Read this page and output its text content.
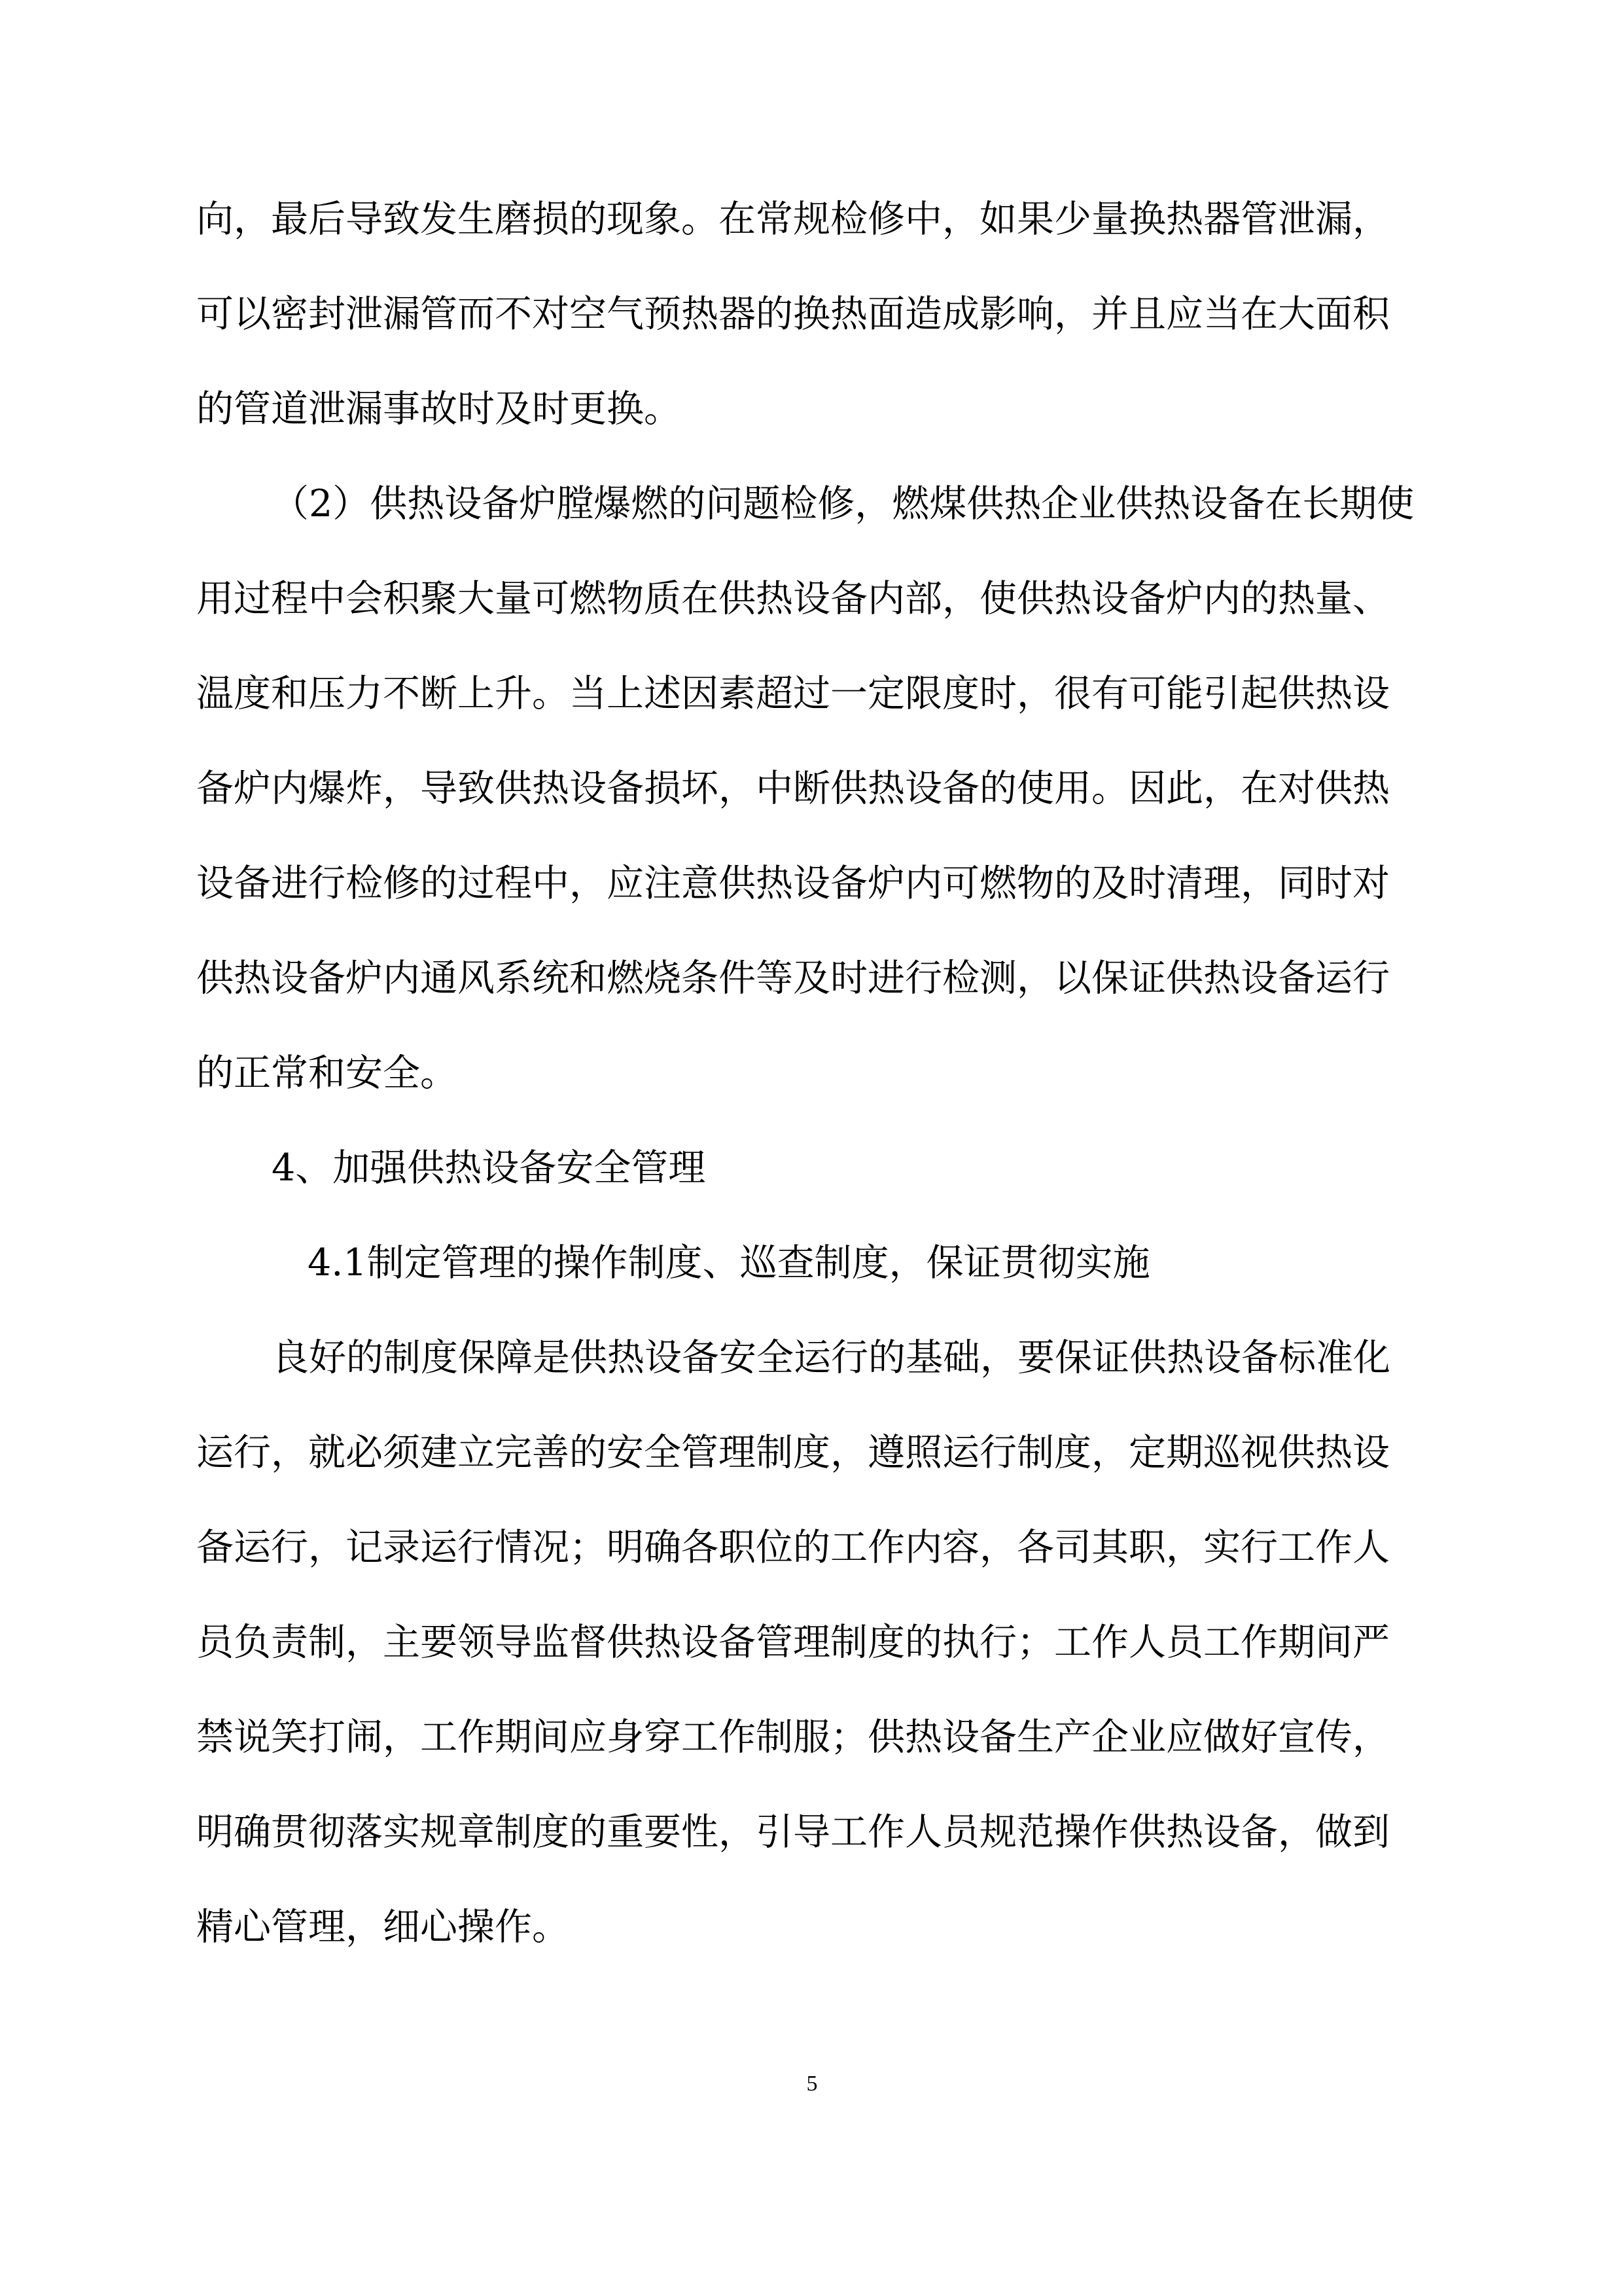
向，最后导致发生磨损的现象。在常规检修中，如果少量换热器管泄漏，
可以密封泄漏管而不对空气预热器的换热面造成影响，并且应当在大面积
的管道泄漏事故时及时更换。
（2）供热设备炉膛爆燃的问题检修，燃煤供热企业供热设备在长期使
用过程中会积聚大量可燃物质在供热设备内部，使供热设备炉内的热量、
温度和压力不断上升。当上述因素超过一定限度时，很有可能引起供热设
备炉内爆炸，导致供热设备损坏，中断供热设备的使用。因此，在对供热
设备进行检修的过程中，应注意供热设备炉内可燃物的及时清理，同时对
供热设备炉内通风系统和燃烧条件等及时进行检测，以保证供热设备运行
的正常和安全。
4、加强供热设备安全管理
4.1制定管理的操作制度、巡查制度，保证贯彻实施
良好的制度保障是供热设备安全运行的基础，要保证供热设备标准化
运行，就必须建立完善的安全管理制度，遵照运行制度，定期巡视供热设
备运行，记录运行情况；明确各职位的工作内容，各司其职，实行工作人
员负责制，主要领导监督供热设备管理制度的执行；工作人员工作期间严
禁说笑打闹，工作期间应身穿工作制服；供热设备生产企业应做好宣传，
明确贯彻落实规章制度的重要性，引导工作人员规范操作供热设备，做到
精心管理，细心操作。
5
